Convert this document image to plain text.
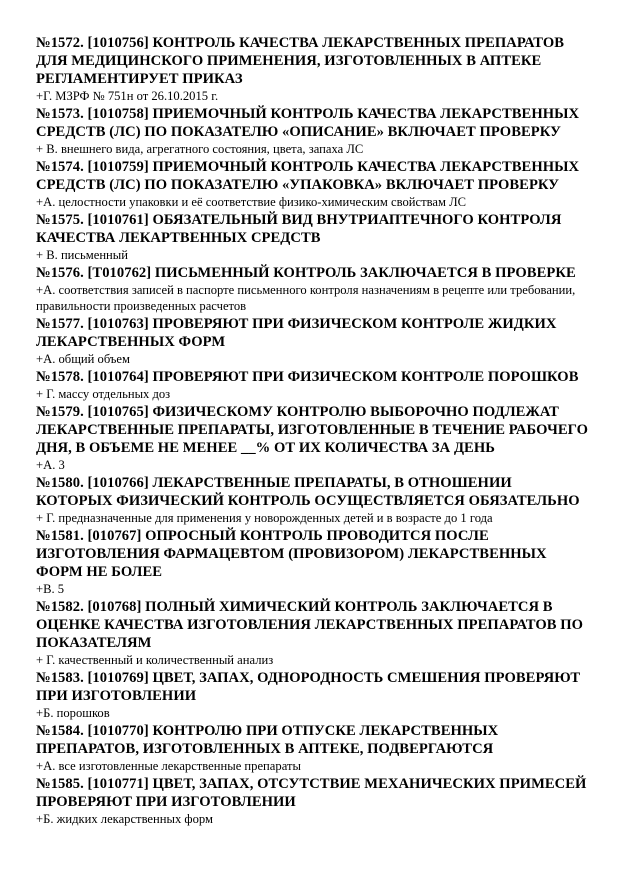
№1572. [1010756] КОНТРОЛЬ КАЧЕСТВА ЛЕКАРСТВЕННЫХ ПРЕПАРАТОВ ДЛЯ МЕДИЦИНСКОГО ПРИМЕНЕНИЯ, ИЗГОТОВЛЕННЫХ В АПТЕКЕ РЕГЛАМЕНТИРУЕТ ПРИКАЗ

+Г. МЗРФ № 751н от 26.10.2015 г.

№1573. [1010758] ПРИЕМОЧНЫЙ КОНТРОЛЬ КАЧЕСТВА ЛЕКАРСТВЕННЫХ СРЕДСТВ (ЛС) ПО ПОКАЗАТЕЛЮ «ОПИСАНИЕ» ВКЛЮЧАЕТ ПРОВЕРКУ

+ В. внешнего вида, агрегатного состояния, цвета, запаха ЛС

№1574. [1010759] ПРИЕМОЧНЫЙ КОНТРОЛЬ КАЧЕСТВА ЛЕКАРСТВЕННЫХ СРЕДСТВ (ЛС) ПО ПОКАЗАТЕЛЮ «УПАКОВКА» ВКЛЮЧАЕТ ПРОВЕРКУ

+А. целостности упаковки и её соответствие физико-химическим свойствам ЛС

№1575. [1010761] ОБЯЗАТЕЛЬНЫЙ ВИД ВНУТРИАПТЕЧНОГО КОНТРОЛЯ КАЧЕСТВА ЛЕКАРТВЕННЫХ СРЕДСТВ

+ В. письменный

№1576. [T010762] ПИСЬМЕННЫЙ КОНТРОЛЬ ЗАКЛЮЧАЕТСЯ В ПРОВЕРКЕ

+А. соответствия записей в паспорте письменного контроля назначениям в рецепте или требовании, правильности произведенных расчетов

№1577. [1010763] ПРОВЕРЯЮТ ПРИ ФИЗИЧЕСКОМ КОНТРОЛЕ ЖИДКИХ ЛЕКАРСТВЕННЫХ ФОРМ

+А. общий объем

№1578. [1010764] ПРОВЕРЯЮТ ПРИ ФИЗИЧЕСКОМ КОНТРОЛЕ ПОРОШКОВ

+ Г. массу отдельных доз

№1579. [1010765] ФИЗИЧЕСКОМУ КОНТРОЛЮ ВЫБОРОЧНО ПОДЛЕЖАТ ЛЕКАРСТВЕННЫЕ ПРЕПАРАТЫ, ИЗГОТОВЛЕННЫЕ В ТЕЧЕНИЕ РАБОЧЕГО ДНЯ, В ОБЪЕМЕ НЕ МЕНЕЕ __% ОТ ИХ КОЛИЧЕСТВА ЗА ДЕНЬ

+А. 3

№1580. [1010766] ЛЕКАРСТВЕННЫЕ ПРЕПАРАТЫ, В ОТНОШЕНИИ КОТОРЫХ ФИЗИЧЕСКИЙ КОНТРОЛЬ ОСУЩЕСТВЛЯЕТСЯ ОБЯЗАТЕЛЬНО

+ Г. предназначенные для применения у новорожденных детей и в возрасте до 1 года

№1581. [010767] ОПРОСНЫЙ КОНТРОЛЬ ПРОВОДИТСЯ ПОСЛЕ ИЗГОТОВЛЕНИЯ ФАРМАЦЕВТОМ (ПРОВИЗОРОМ) ЛЕКАРСТВЕННЫХ ФОРМ НЕ БОЛЕЕ

+В. 5

№1582. [010768] ПОЛНЫЙ ХИМИЧЕСКИЙ КОНТРОЛЬ ЗАКЛЮЧАЕТСЯ В ОЦЕНКЕ КАЧЕСТВА ИЗГОТОВЛЕНИЯ ЛЕКАРСТВЕННЫХ ПРЕПАРАТОВ ПО ПОКАЗАТЕЛЯМ

+ Г. качественный и количественный анализ

№1583. [1010769] ЦВЕТ, ЗАПАХ, ОДНОРОДНОСТЬ СМЕШЕНИЯ ПРОВЕРЯЮТ ПРИ ИЗГОТОВЛЕНИИ

+Б. порошков

№1584. [1010770] КОНТРОЛЮ ПРИ ОТПУСКЕ ЛЕКАРСТВЕННЫХ ПРЕПАРАТОВ, ИЗГОТОВЛЕННЫХ В АПТЕКЕ, ПОДВЕРГАЮТСЯ

+А. все изготовленные лекарственные препараты

№1585. [1010771] ЦВЕТ, ЗАПАХ, ОТСУТСТВИЕ МЕХАНИЧЕСКИХ ПРИМЕСЕЙ ПРОВЕРЯЮТ ПРИ ИЗГОТОВЛЕНИИ

+Б. жидких лекарственных форм
